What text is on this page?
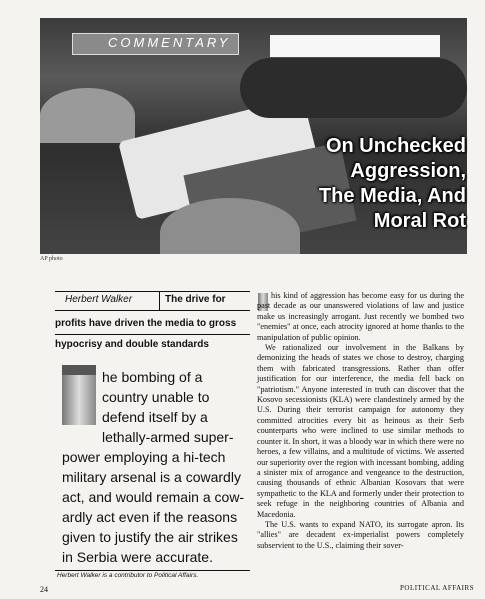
COMMENTARY
On Unchecked
Aggression,
The Media, And
Moral Rot
AP photo
Herbert Walker	The drive for
profits have driven the media to gross
hypocrisy and double standards
he bombing of a
country unable to
defend itself by a
lethally-armed super-
power employing a hi-tech
military arsenal is a cowardly
act, and would remain a cow-
ardly act even if the reasons
given to justify the air strikes
in Serbia were accurate.
Herbert Walker is a contributor to Political Affairs.

his kind of aggression has become easy for us during the past decade as our unanswered violations of law and justice make us increasingly arrogant. Just recently we bombed two "enemies" at once, each atrocity ignored at home thanks to the manipulation of public opinion.

We rationalized our involvement in the Balkans by demonizing the heads of states we chose to destroy, charging them with fabricated transgressions. Rather than offer justification for our interference, the media fell back on "patriotism." Anyone interested in truth can discover that the Kosovo secessionists (KLA) were clandestinely armed by the U.S. During their terrorist campaign for autonomy they committed atrocities every bit as heinous as their Serb counterparts who were inclined to use similar methods to counter it. In short, it was a bloody war in which there were no heroes, a few villains, and a multitude of victims. We asserted our superiority over the region with incessant bombing, adding a sinister mix of arrogance and vengeance to the destruction, causing thousands of ethnic Albanian Kosovars that were sympathetic to the KLA and formerly under their protection to seek refuge in the neighboring countries of Albania and Macedonia.

The U.S. wants to expand NATO, its surrogate apron. Its "allies" are decadent ex-imperialist powers completely subservient to the U.S., claiming their sover-

24	POLITICAL AFFAIRS
